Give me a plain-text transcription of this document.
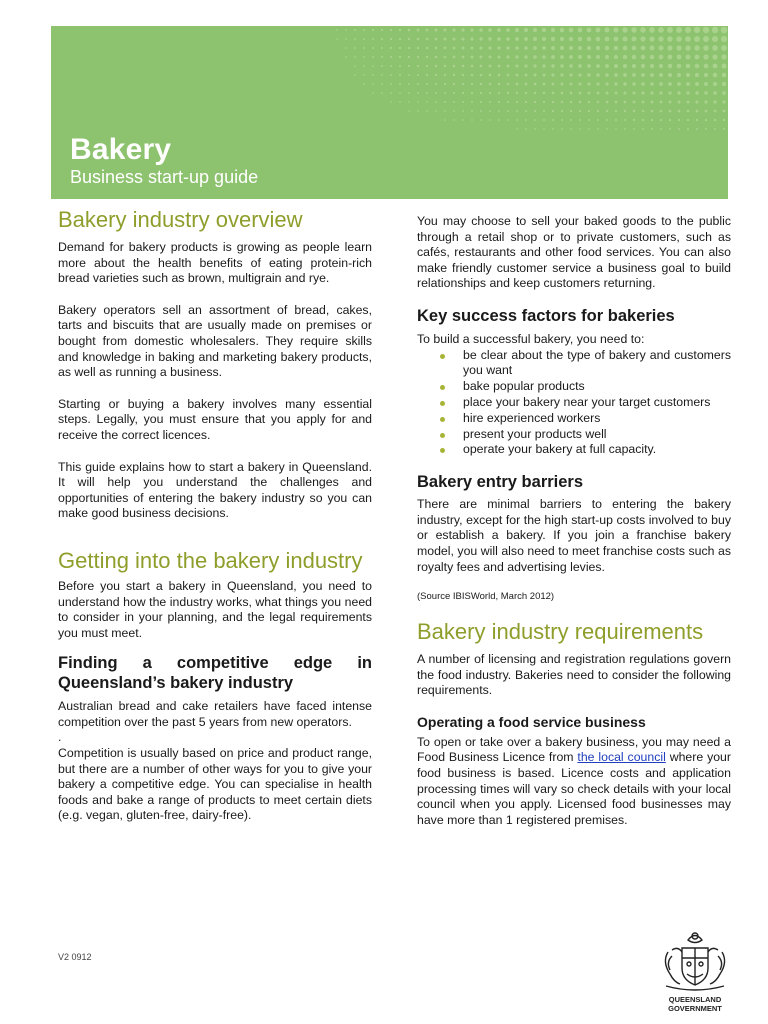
Bakery
Business start-up guide
Bakery industry overview

Demand for bakery products is growing as people learn more about the health benefits of eating protein-rich bread varieties such as brown, multigrain and rye.

Bakery operators sell an assortment of bread, cakes, tarts and biscuits that are usually made on premises or bought from domestic wholesalers. They require skills and knowledge in baking and marketing bakery products, as well as running a business.

Starting or buying a bakery involves many essential steps. Legally, you must ensure that you apply for and receive the correct licences.

This guide explains how to start a bakery in Queensland. It will help you understand the challenges and opportunities of entering the bakery industry so you can make good business decisions.

Getting into the bakery industry

Before you start a bakery in Queensland, you need to understand how the industry works, what things you need to consider in your planning, and the legal requirements you must meet.

Finding a competitive edge in Queensland’s bakery industry

Australian bread and cake retailers have faced intense competition over the past 5 years from new operators.

.

Competition is usually based on price and product range, but there are a number of other ways for you to give your bakery a competitive edge. You can specialise in health foods and bake a range of products to meet certain diets (e.g. vegan, gluten-free, dairy-free).

You may choose to sell your baked goods to the public through a retail shop or to private customers, such as cafés, restaurants and other food services. You can also make friendly customer service a business goal to build relationships and keep customers returning.

Key success factors for bakeries

To build a successful bakery, you need to:

be clear about the type of bakery and customers you want
bake popular products
place your bakery near your target customers
hire experienced workers
present your products well
operate your bakery at full capacity.
Bakery entry barriers

There are minimal barriers to entering the bakery industry, except for the high start-up costs involved to buy or establish a bakery. If you join a franchise bakery model, you will also need to meet franchise costs such as royalty fees and advertising levies.

(Source IBISWorld, March 2012)

Bakery industry requirements

A number of licensing and registration regulations govern the food industry. Bakeries need to consider the following requirements.

Operating a food service business

To open or take over a bakery business, you may need a Food Business Licence from the local council where your food business is based. Licence costs and application processing times will vary so check details with your local council when you apply. Licensed food businesses may have more than 1 registered premises.

V2 0912
QUEENSLAND
GOVERNMENT
